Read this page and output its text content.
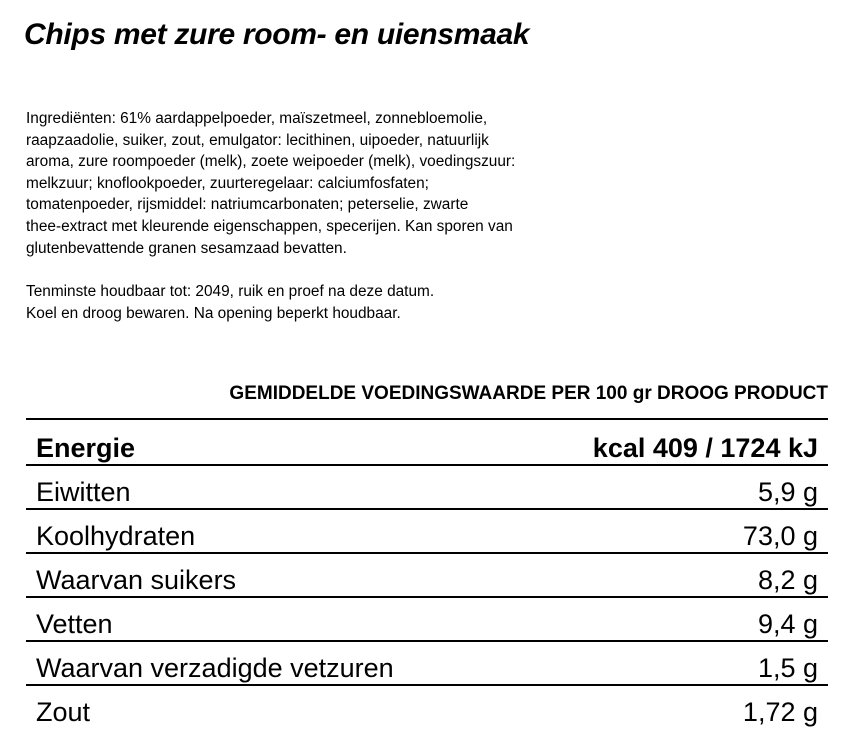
Chips met zure room- en uiensmaak

Ingrediënten: 61% aardappelpoeder, maïszetmeel, zonnebloemolie,
raapzaadolie, suiker, zout, emulgator: lecithinen, uipoeder, natuurlijk
aroma, zure roompoeder (melk), zoete weipoeder (melk), voedingszuur:
melkzuur; knoflookpoeder, zuurteregelaar: calciumfosfaten;
tomatenpoeder, rijsmiddel: natriumcarbonaten; peterselie, zwarte
thee-extract met kleurende eigenschappen, specerijen. Kan sporen van
glutenbevattende granen sesamzaad bevatten.

Tenminste houdbaar tot: 2049, ruik en proef na deze datum.
Koel en droog bewaren. Na opening beperkt houdbaar.

GEMIDDELDE VOEDINGSWAARDE PER 100 gr DROOG PRODUCT
Energie	kcal 409 / 1724 kJ
Eiwitten	5,9 g
Koolhydraten	73,0 g
Waarvan suikers	8,2 g
Vetten	9,4 g
Waarvan verzadigde vetzuren	1,5 g
Zout	1,72 g
